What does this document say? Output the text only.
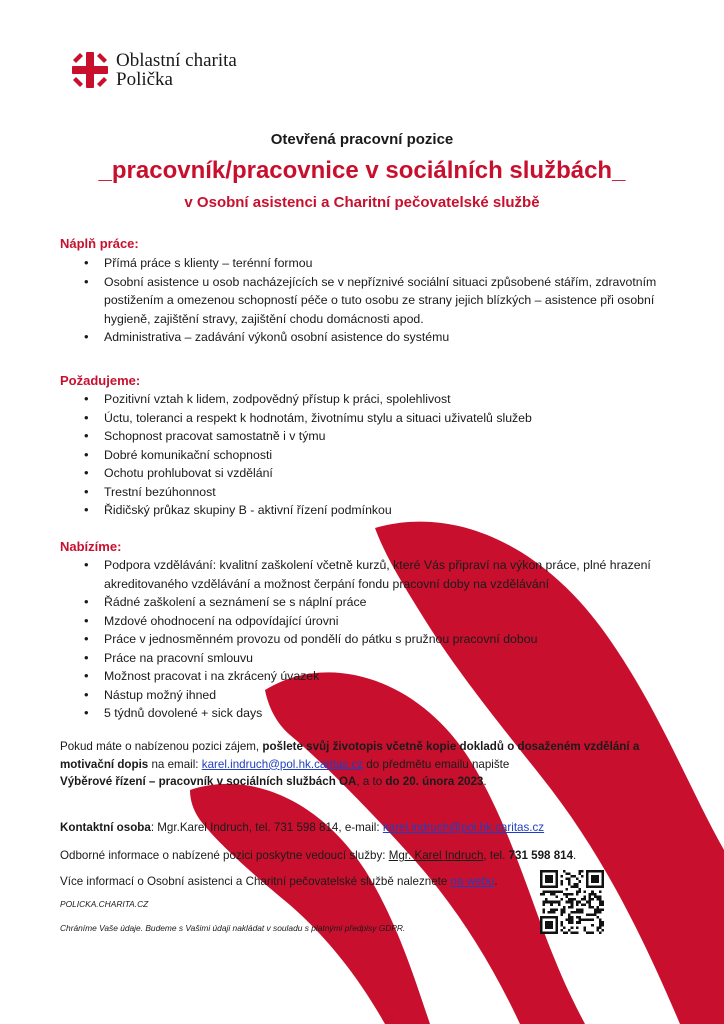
Oblastní charita
Polička
Otevřená pracovní pozice
_pracovník/pracovnice v sociálních službách_
v Osobní asistenci a Charitní pečovatelské službě
Náplň práce:
• Přímá práce s klienty – terénní formou
• Osobní asistence u osob nacházejících se v nepříznivé sociální situaci způsobené stářím, zdravotním postižením a omezenou schopností péče o tuto osobu ze strany jejich blízkých – asistence při osobní hygieně, zajištění stravy, zajištění chodu domácnosti apod.
• Administrativa – zadávání výkonů osobní asistence do systému
Požadujeme:
• Pozitivní vztah k lidem, zodpovědný přístup k práci, spolehlivost
• Úctu, toleranci a respekt k hodnotám, životnímu stylu a situaci uživatelů služeb
• Schopnost pracovat samostatně i v týmu
• Dobré komunikační schopnosti
• Ochotu prohlubovat si vzdělání
• Trestní bezúhonnost
• Řidičský průkaz skupiny B - aktivní řízení podmínkou
Nabízíme:
• Podpora vzdělávání: kvalitní zaškolení včetně kurzů, které Vás připraví na výkon práce, plné hrazení akreditovaného vzdělávání a možnost čerpání fondu pracovní doby na vzdělávání
• Řádné zaškolení a seznámení se s náplní práce
• Mzdové ohodnocení na odpovídající úrovni
• Práce v jednosměnném provozu od pondělí do pátku s pružnou pracovní dobou
• Práce na pracovní smlouvu
• Možnost pracovat i na zkrácený úvazek
• Nástup možný ihned
• 5 týdnů dovolené + sick days
Pokud máte o nabízenou pozici zájem, pošlete svůj životopis včetně kopie dokladů o dosaženém vzdělání a motivační dopis na email: karel.indruch@pol.hk.caritas.cz do předmětu emailu napište
Výběrové řízení – pracovník v sociálních službách OA, a to do 20. února 2023.
Kontaktní osoba: Mgr.Karel Indruch, tel. 731 598 814, e-mail: karel.indruch@pol.hk.caritas.cz
Odborné informace o nabízené pozici poskytne vedoucí služby: Mgr. Karel Indruch, tel. 731 598 814.
Více informací o Osobní asistenci a Charitní pečovatelské službě naleznete na webu.
POLICKA.CHARITA.CZ
Chráníme Vaše údaje. Budeme s Vašimi údaji nakládat v souladu s platnými předpisy GDPR.
